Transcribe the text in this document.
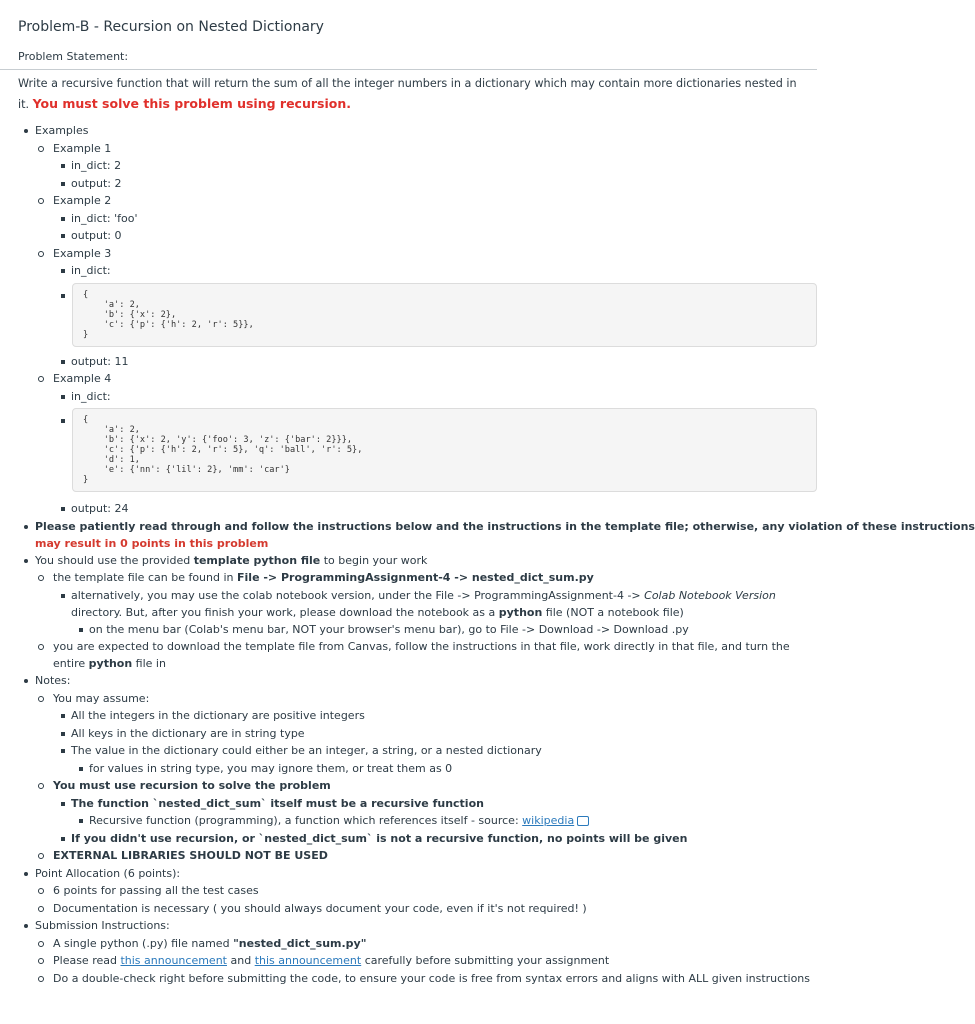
Problem-B - Recursion on Nested Dictionary
Problem Statement:
Write a recursive function that will return the sum of all the integer numbers in a dictionary which may contain more dictionaries nested in it. You must solve this problem using recursion.
Examples
Example 1
in_dict: 2
output: 2
Example 2
in_dict: 'foo'
output: 0
Example 3
in_dict:
{
'a': 2,
'b': {'x': 2},
'c': {'p': {'h': 2, 'r': 5}},
}
output: 11
Example 4
in_dict:
{
'a': 2,
'b': {'x': 2, 'y': {'foo': 3, 'z': {'bar': 2}}},
'c': {'p': {'h': 2, 'r': 5}, 'q': 'ball', 'r': 5},
'd': 1,
'e': {'nn': {'lil': 2}, 'mm': 'car'}
}
output: 24
Please patiently read through and follow the instructions below and the instructions in the template file; otherwise, any violation of these instructions
may result in 0 points in this problem
You should use the provided template python file to begin your work
the template file can be found in File -> ProgrammingAssignment-4 -> nested_dict_sum.py
alternatively, you may use the colab notebook version, under the File -> ProgrammingAssignment-4 -> Colab Notebook Version directory. But, after you finish your work, please download the notebook as a python file (NOT a notebook file)
on the menu bar (Colab's menu bar, NOT your browser's menu bar), go to File -> Download -> Download .py
you are expected to download the template file from Canvas, follow the instructions in that file, work directly in that file, and turn the entire python file in
Notes:
You may assume:
All the integers in the dictionary are positive integers
All keys in the dictionary are in string type
The value in the dictionary could either be an integer, a string, or a nested dictionary
for values in string type, you may ignore them, or treat them as 0
You must use recursion to solve the problem
The function `nested_dict_sum` itself must be a recursive function
Recursive function (programming), a function which references itself - source: wikipedia
If you didn't use recursion, or `nested_dict_sum` is not a recursive function, no points will be given
EXTERNAL LIBRARIES SHOULD NOT BE USED
Point Allocation (6 points):
6 points for passing all the test cases
Documentation is necessary ( you should always document your code, even if it's not required! )
Submission Instructions:
A single python (.py) file named "nested_dict_sum.py"
Please read this announcement and this announcement carefully before submitting your assignment
Do a double-check right before submitting the code, to ensure your code is free from syntax errors and aligns with ALL given instructions
